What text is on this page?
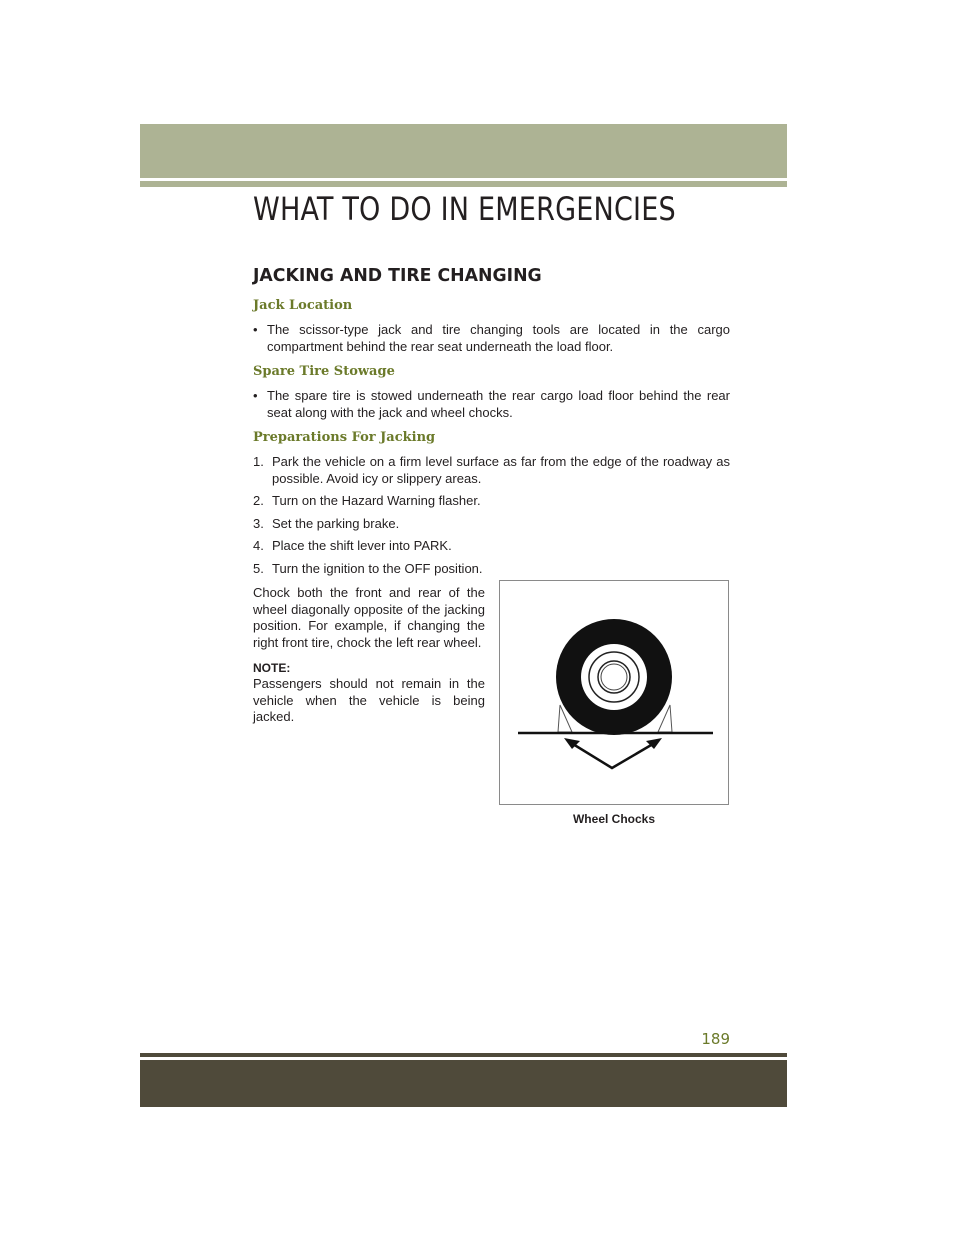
WHAT TO DO IN EMERGENCIES
JACKING AND TIRE CHANGING
Jack Location
• The scissor-type jack and tire changing tools are located in the cargo compartment behind the rear seat underneath the load floor.
Spare Tire Stowage
• The spare tire is stowed underneath the rear cargo load floor behind the rear seat along with the jack and wheel chocks.
Preparations For Jacking
1. Park the vehicle on a firm level surface as far from the edge of the roadway as possible. Avoid icy or slippery areas.
2. Turn on the Hazard Warning flasher.
3. Set the parking brake.
4. Place the shift lever into PARK.
5. Turn the ignition to the OFF position.
Chock both the front and rear of the wheel diagonally opposite of the jacking position. For example, if changing the right front tire, chock the left rear wheel.
NOTE:
Passengers should not remain in the vehicle when the vehicle is being jacked.
Wheel Chocks
189
